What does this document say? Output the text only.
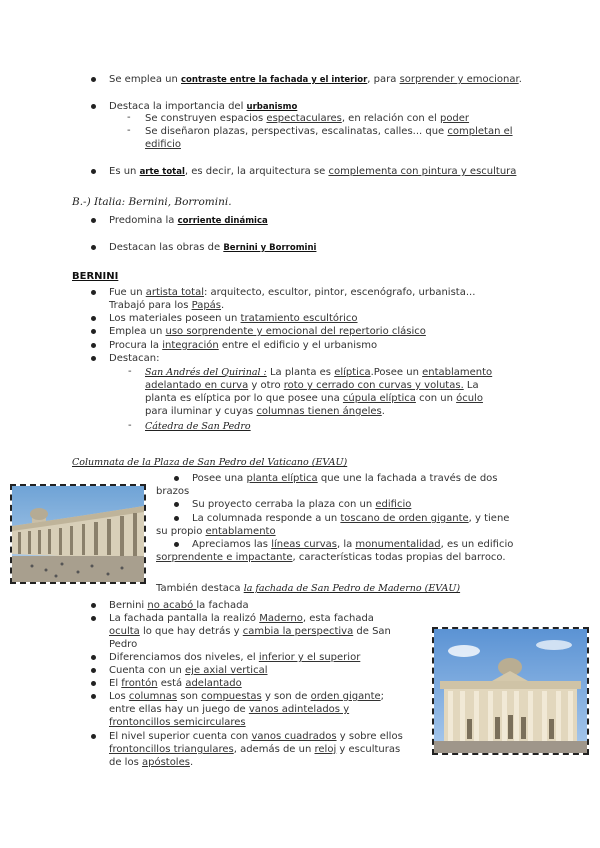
Se emplea un contraste entre la fachada y el interior, para sorprender y emocionar.
Destaca la importancia del urbanismo
- Se construyen espacios espectaculares, en relación con el poder
- Se diseñaron plazas, perspectivas, escalinatas, calles... que completan el
edificio
Es un arte total, es decir, la arquitectura se complementa con pintura y escultura
B.-) Italia: Bernini, Borromini.
Predomina la corriente dinámica
Destacan las obras de Bernini y Borromini
BERNINI
Fue un artista total: arquitecto, escultor, pintor, escenógrafo, urbanista...
Trabajó para los Papás.
Los materiales poseen un tratamiento escultórico
Emplea un uso sorprendente y emocional del repertorio clásico
Procura la integración entre el edificio y el urbanismo
Destacan:
- San Andrés del Quirinal : La planta es elíptica.Posee un entablamento
adelantado en curva y otro roto y cerrado con curvas y volutas. La
planta es elíptica por lo que posee una cúpula elíptica con un óculo
para iluminar y cuyas columnas tienen ángeles.
- Cátedra de San Pedro
Columnata de la Plaza de San Pedro del Vaticano (EVAU)
Posee una planta elíptica que une la fachada a través de dos
brazos
Su proyecto cerraba la plaza con un edificio
La columnada responde a un toscano de orden gigante, y tiene
su propio entablamento
Apreciamos las líneas curvas, la monumentalidad, es un edificio
sorprendente e impactante, características todas propias del barroco.
También destaca la fachada de San Pedro de Maderno (EVAU)
Bernini no acabó la fachada
La fachada pantalla la realizó Maderno, esta fachada
oculta lo que hay detrás y cambia la perspectiva de San
Pedro
Diferenciamos dos niveles, el inferior y el superior
Cuenta con un eje axial vertical
El frontón está adelantado
Los columnas son compuestas y son de orden gigante;
entre ellas hay un juego de vanos adintelados y
frontoncillos semicirculares
El nivel superior cuenta con vanos cuadrados y sobre ellos
frontoncillos triangulares, además de un reloj y esculturas
de los apóstoles.
